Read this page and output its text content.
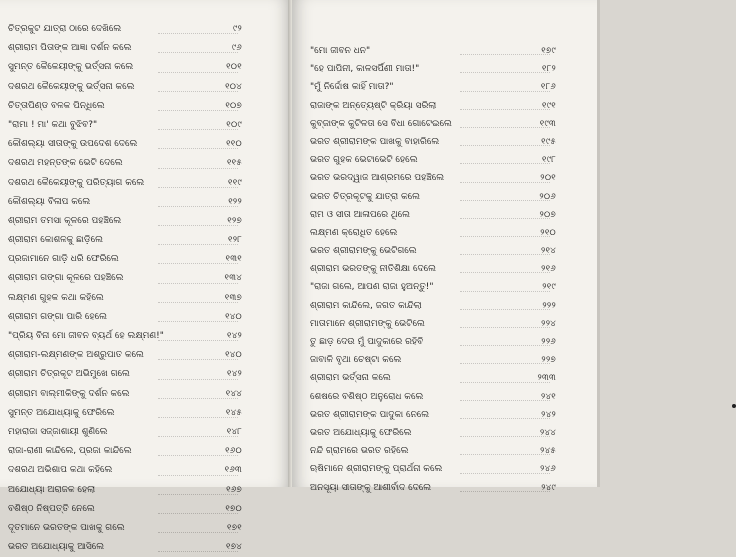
ଚିତ୍ରକୁଟ ଯାତ୍ରା ଠାରେ ଦେଖିଲେ	୯୨
ଶ୍ରୀରାମ ପିତାଙ୍କ ଆଜ୍ଞା ଦର୍ଶନ କଲେ	୯୬
ସୁମନ୍ତ କୈକେୟୀଙ୍କୁ ଭର୍ତ୍ସନା କଲେ	୧୦୧
ଦଶରଥ କୈକେୟୀଙ୍କୁ ଭର୍ତ୍ସନା କଲେ	୧୦୪
ଚିତ୍ତାପିଣ୍ଡ ବଳକ ପିନ୍ଧିଲେ	୧୦୭
"ରାମା ! ମା' କଥା ବୁଝିବ?"	୧୦୯
କୌଶଲ୍ୟା ସୀତାଙ୍କୁ ଉପଦେଶ ଦେଲେ	୧୧୦
ଦଶରଥ ମହନ୍ତଙ୍କ ଭେଟି ଦେଲେ	୧୧୫
ଦଶରଥ କୈକେୟୀଙ୍କୁ ପରିତ୍ୟାଗ କଲେ	୧୧୯
କୌଶଲ୍ୟା ବିଳାପ କଲେ	୧୨୨
ଶ୍ରୀରାମ ତମସା କୂଳରେ ପହଞ୍ଚିଲେ	୧୨୭
ଶ୍ରୀରାମ କୋଶଳକୁ ଛାଡ଼ିଲେ	୧୨୮
ପ୍ରଜାମାନେ ଗାଡ଼ି ଧରି ଫେରିଲେ	୧୩୧
ଶ୍ରୀରାମ ଗଙ୍ଗା କୂଳରେ ପହଞ୍ଚିଲେ	୧୩୪
ଲକ୍ଷ୍ମଣ ଗୁହକ କଥା କହିଲେ	୧୩୭
ଶ୍ରୀରାମ ଗଙ୍ଗା ପାରି ହେଲେ	୧୪୦
"ପ୍ରିୟ ବିନା ମୋ ଜୀବନ ବ୍ୟର୍ଥ ହେ ଲକ୍ଷ୍ମଣ!"	୧୪୨
ଶ୍ରୀରାମ-ଲକ୍ଷ୍ମଣଙ୍କ ଅଶ୍ରୁପାତ କଲେ	୧୪୦
ଶ୍ରୀରାମ ଚିତ୍ରକୂଟ ଅଭିମୁଖେ ଗଲେ	୧୪୨
ଶ୍ରୀରାମ ବାଲ୍ମୀକିଙ୍କୁ ଦର୍ଶନ କଲେ	୧୪୪
ସୁମନ୍ତ ଅଯୋଧ୍ୟାକୁ ଫେରିଲେ	୧୪୫
ମହାରାଜା ସଜ୍ଜାଶାୟୀ ଶୁଣିଲେ	୧୪୮
ରାଜା-ରାଣୀ କାନ୍ଦିଲେ, ପ୍ରଜା କାନ୍ଦିଲେ	୧୬୦
ଦଶରଥ ଅଭିଶାପ କଥା କହିଲେ	୧୬୩
ଅଯୋଧ୍ୟା ଅରାଜକ ହେଲା	୧୬୭
ବଶିଷ୍ଠ ନିଷ୍ପତ୍ତି ନେଲେ	୧୭୦
ଦୂତମାନେ ଭରତଙ୍କ ପାଖକୁ ଗଲେ	୧୭୧
ଭରତ ଅଯୋଧ୍ୟାକୁ ଆସିଲେ	୧୭୪
"ମୋ ଜୀବନ ଧନ"	୧୭୯
"ହେ ପାପିନୀ, କାଳସର୍ପିଣୀ ମାତା!"	୧୮୨
"ମୁଁ ନିର୍ଦ୍ଦୋଷ କାହିଁ ମାତା?"	୧୮୬
ରାଜାଙ୍କ ଅନ୍ତ୍ୟେଷ୍ଟି କ୍ରିୟା ସରିଲା	୧୯୧
କୁବ୍ଜାଙ୍କ କୁଟିଳତା ସେ ବିଧା ଗୋଟେଇଲେ	୧୯୩
ଭରତ ଶ୍ରୀରାମଙ୍କ ପାଖକୁ ବାହାରିଲେ	୧୯୫
ଭରତ ଗୁହକ ଭେଟାଭେଟି ହେଲେ	୧୯୮
ଭରତ ଭରଦ୍ୱାଜ ଆଶ୍ରମରେ ପହଞ୍ଚିଲେ	୨୦୧
ଭରତ ଚିତ୍ରକୂଟକୁ ଯାତ୍ରା କଲେ	୨୦୬
ରାମ ଓ ସୀତା ଆଳାପରେ ଥିଲେ	୨୦୭
ଲକ୍ଷ୍ମଣ କ୍ରୋଧିତ ହେଲେ	୨୧୦
ଭରତ ଶ୍ରୀରାମଙ୍କୁ ଭେଟିଗଲେ	୨୧୪
ଶ୍ରୀରାମ ଭରତଙ୍କୁ ନୀତିଶିକ୍ଷା ଦେଲେ	୨୧୬
"ରାଜା ଗଲେ, ଆପଣ ରାଜା ହୁଅନ୍ତୁ!"	୨୧୯
ଶ୍ରୀରାମ କାନ୍ଦିଲେ, ଜଗତ କାନ୍ଦିଲା	୨୨୨
ମାତାମାନେ ଶ୍ରୀରାମଙ୍କୁ ଭେଟିଲେ	୨୨୪
ତୁ ଛାଡ଼ ଦେଉ ମୁଁ ପାଦୁକାରେ ରହିବି	୨୨୬
ଜାବାଳି ବୃଥା ଚେଷ୍ଟା କଲେ	୨୨୭
ଶ୍ରୀରାମ ଭର୍ତ୍ସନା କଲେ	୨୩୩
ଶେଷରେ ବଶିଷ୍ଠ ଅନୁରୋଧ କଲେ	୨୪୧
ଭରତ ଶ୍ରୀରାମଙ୍କ ପାଦୁକା ନେଲେ	୨୪୨
ଭରତ ଅଯୋଧ୍ୟାକୁ ଫେରିଲେ	୨୪୪
ନନ୍ଦି ଗ୍ରାମରେ ଭରତ ରହିଲେ	୨୪୫
ଋଷିମାନେ ଶ୍ରୀରାମଙ୍କୁ ପ୍ରାର୍ଥନା କଲେ	୨୪୬
ଅନସୂୟା ସୀତାଙ୍କୁ ଆଶୀର୍ବାଦ ଦେଲେ	୨୪୯
